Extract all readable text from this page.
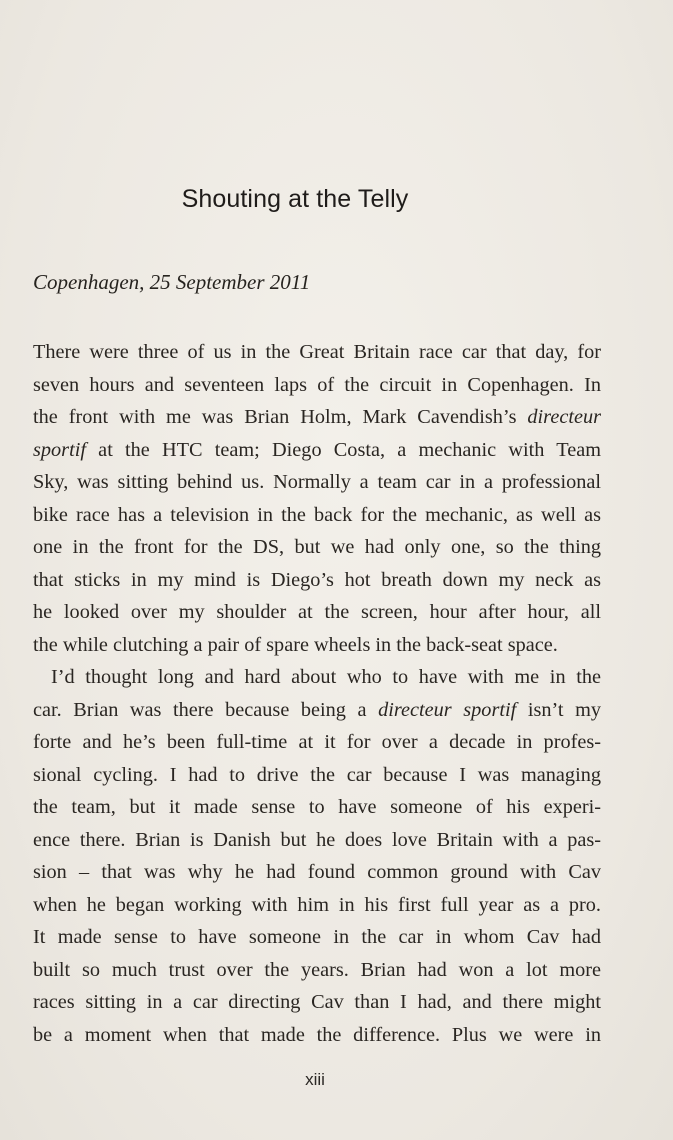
Shouting at the Telly
Copenhagen, 25 September 2011

There were three of us in the Great Britain race car that day, for
seven hours and seventeen laps of the circuit in Copenhagen. In
the front with me was Brian Holm, Mark Cavendish’s directeur
sportif at the HTC team; Diego Costa, a mechanic with Team
Sky, was sitting behind us. Normally a team car in a professional
bike race has a television in the back for the mechanic, as well as
one in the front for the DS, but we had only one, so the thing
that sticks in my mind is Diego’s hot breath down my neck as
he looked over my shoulder at the screen, hour after hour, all
the while clutching a pair of spare wheels in the back-seat space.

I’d thought long and hard about who to have with me in the
car. Brian was there because being a directeur sportif isn’t my
forte and he’s been full-time at it for over a decade in profes-
sional cycling. I had to drive the car because I was managing
the team, but it made sense to have someone of his experi-
ence there. Brian is Danish but he does love Britain with a pas-
sion – that was why he had found common ground with Cav
when he began working with him in his first full year as a pro.
It made sense to have someone in the car in whom Cav had
built so much trust over the years. Brian had won a lot more
races sitting in a car directing Cav than I had, and there might
be a moment when that made the difference. Plus we were in

xiii
